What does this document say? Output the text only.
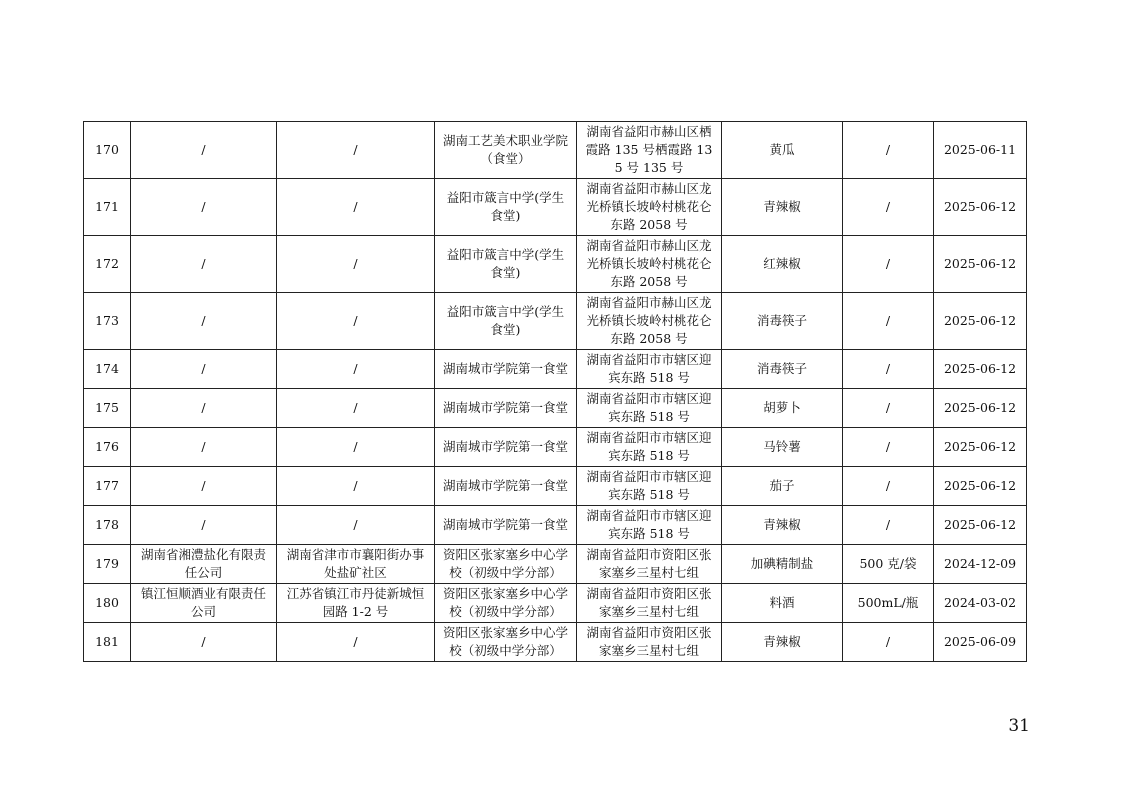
170	/	/	湖南工艺美术职业学院（食堂）	湖南省益阳市赫山区栖霞路 135 号栖霞路 135 号 135 号	黄瓜	/	2025-06-11
171	/	/	益阳市箴言中学(学生食堂)	湖南省益阳市赫山区龙光桥镇长坡岭村桃花仑东路 2058 号	青辣椒	/	2025-06-12
172	/	/	益阳市箴言中学(学生食堂)	湖南省益阳市赫山区龙光桥镇长坡岭村桃花仑东路 2058 号	红辣椒	/	2025-06-12
173	/	/	益阳市箴言中学(学生食堂)	湖南省益阳市赫山区龙光桥镇长坡岭村桃花仑东路 2058 号	消毒筷子	/	2025-06-12
174	/	/	湖南城市学院第一食堂	湖南省益阳市市辖区迎宾东路 518 号	消毒筷子	/	2025-06-12
175	/	/	湖南城市学院第一食堂	湖南省益阳市市辖区迎宾东路 518 号	胡萝卜	/	2025-06-12
176	/	/	湖南城市学院第一食堂	湖南省益阳市市辖区迎宾东路 518 号	马铃薯	/	2025-06-12
177	/	/	湖南城市学院第一食堂	湖南省益阳市市辖区迎宾东路 518 号	茄子	/	2025-06-12
178	/	/	湖南城市学院第一食堂	湖南省益阳市市辖区迎宾东路 518 号	青辣椒	/	2025-06-12
179	湖南省湘澧盐化有限责任公司	湖南省津市市襄阳街办事处盐矿社区	资阳区张家塞乡中心学校（初级中学分部）	湖南省益阳市资阳区张家塞乡三星村七组	加碘精制盐	500 克/袋	2024-12-09
180	镇江恒顺酒业有限责任公司	江苏省镇江市丹徒新城恒园路 1-2 号	资阳区张家塞乡中心学校（初级中学分部）	湖南省益阳市资阳区张家塞乡三星村七组	料酒	500mL/瓶	2024-03-02
181	/	/	资阳区张家塞乡中心学校（初级中学分部）	湖南省益阳市资阳区张家塞乡三星村七组	青辣椒	/	2025-06-09
31
